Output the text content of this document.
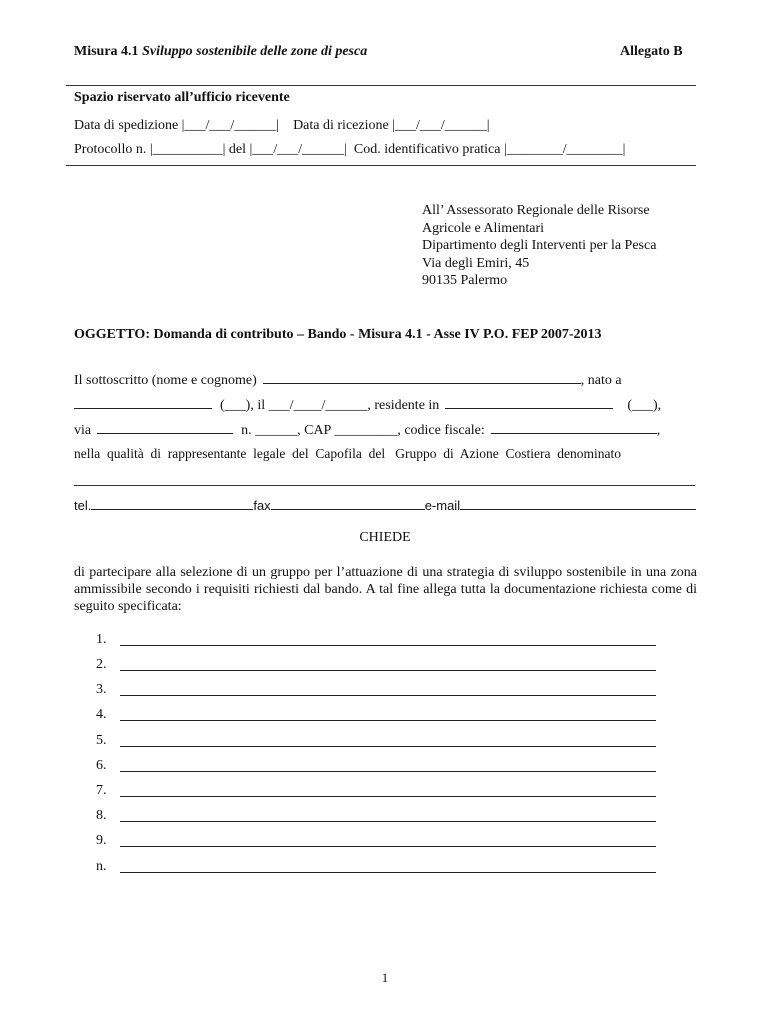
Misura 4.1 Sviluppo sostenibile delle zone di pesca	Allegato B
Spazio riservato all’ufficio ricevente
Data di spedizione |___/___/______|    Data di ricezione |___/___/______|
Protocollo n. |__________| del |___/___/______|  Cod. identificativo pratica |________/________|
All’ Assessorato Regionale delle Risorse
Agricole e Alimentari
Dipartimento degli Interventi per la Pesca
Via degli Emiri, 45
90135 Palermo
OGGETTO: Domanda di contributo – Bando - Misura 4.1 - Asse IV P.O. FEP 2007-2013
Il sottoscritto (nome e cognome)	, nato a
(___), il ___/____/______, residente in	(___),
via	n. ______, CAP _________, codice fiscale:	,
nella  qualità  di  rappresentante  legale  del  Capofila  del   Gruppo  di  Azione  Costiera  denominato
tel.	fax	e-mail
CHIEDE
di partecipare alla selezione di un gruppo per l’attuazione di una strategia di sviluppo sostenibile in una zona ammissibile secondo i requisiti richiesti dal bando. A tal fine allega tutta la documentazione richiesta come di seguito specificata:
1.
2.
3.
4.
5.
6.
7.
8.
9.
n.
1
